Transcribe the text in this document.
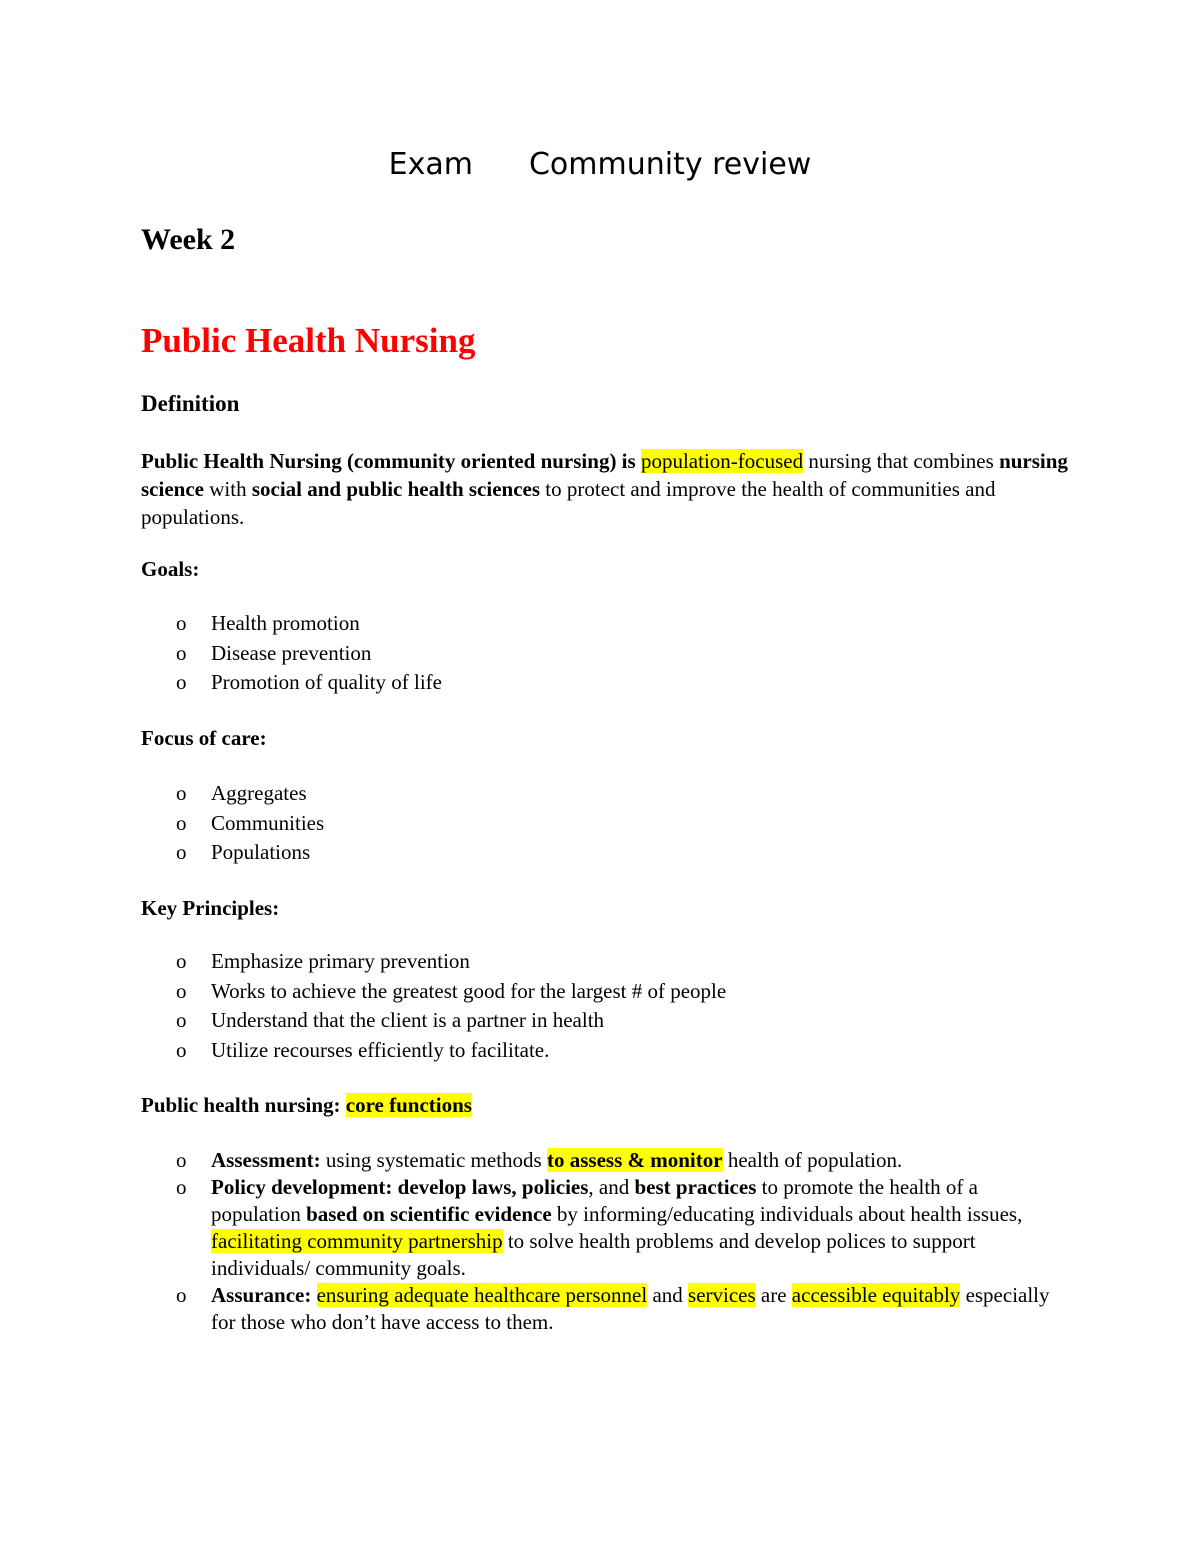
Exam Community review
Week 2
Public Health Nursing
Definition
Public Health Nursing (community oriented nursing) is population-focused nursing that combines nursing science with social and public health sciences to protect and improve the health of communities and populations.
Goals:
o Health promotion
o Disease prevention
o Promotion of quality of life
Focus of care:
o Aggregates
o Communities
o Populations
Key Principles:
o Emphasize primary prevention
o Works to achieve the greatest good for the largest # of people
o Understand that the client is a partner in health
o Utilize recourses efficiently to facilitate.
Public health nursing: core functions
o Assessment: using systematic methods to assess & monitor health of population.
o Policy development: develop laws, policies, and best practices to promote the health of a population based on scientific evidence by informing/educating individuals about health issues, facilitating community partnership to solve health problems and develop polices to support individuals/ community goals.
o Assurance: ensuring adequate healthcare personnel and services are accessible equitably especially for those who don’t have access to them.
